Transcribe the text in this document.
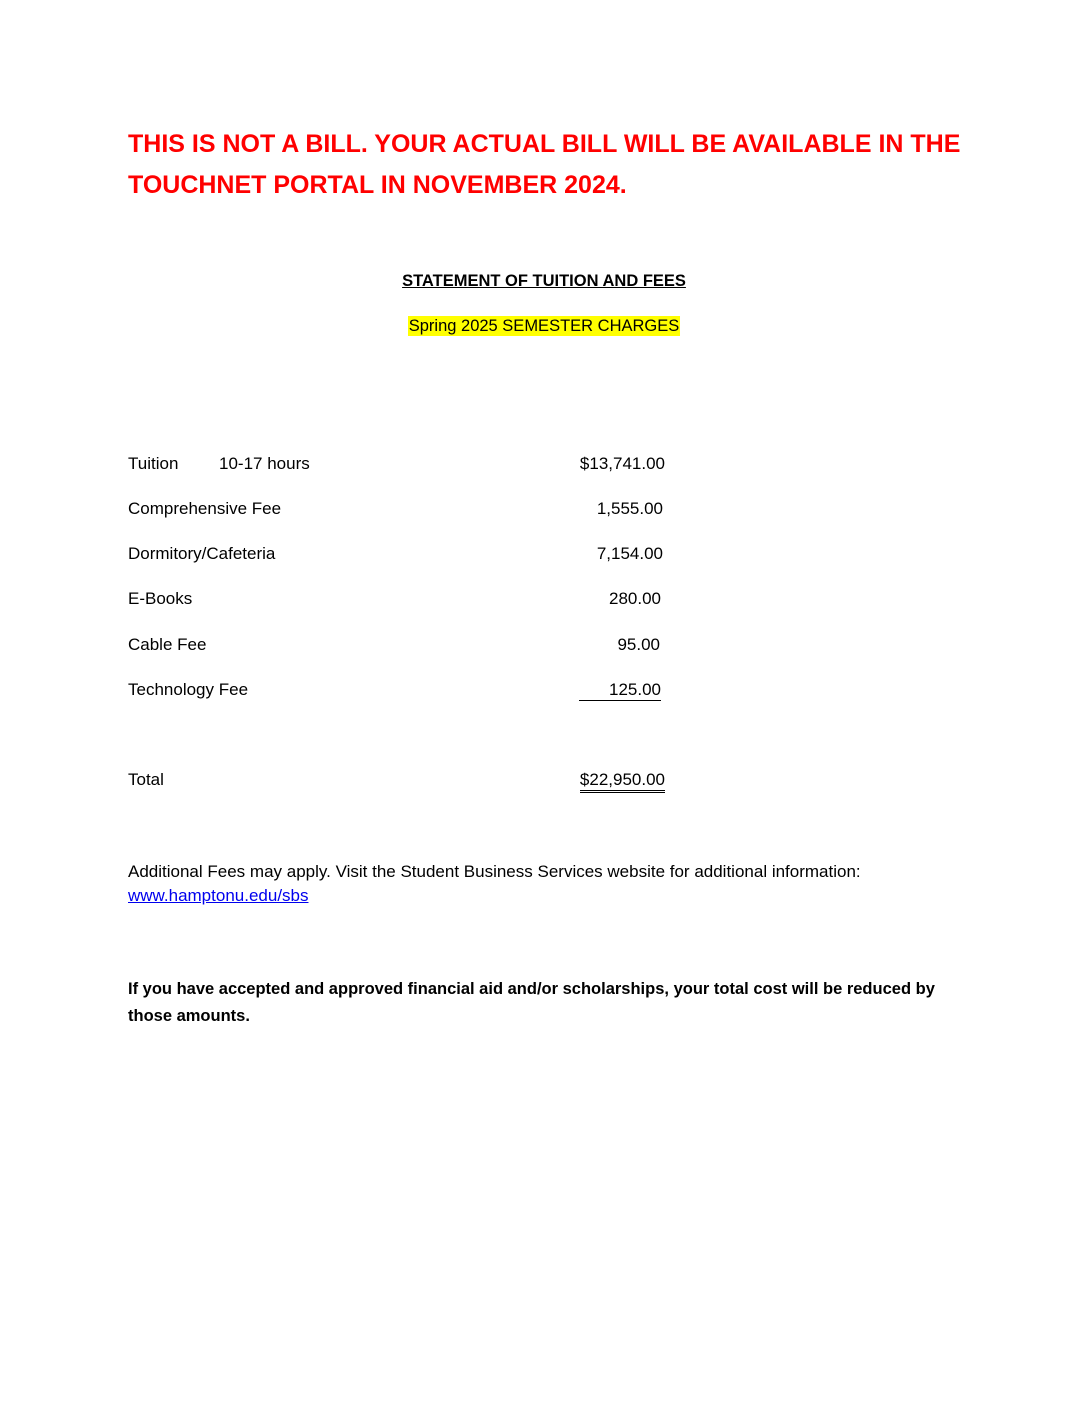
THIS IS NOT A BILL. YOUR ACTUAL BILL WILL BE AVAILABLE IN THE
TOUCHNET PORTAL IN NOVEMBER 2024.
STATEMENT OF TUITION AND FEES
Spring 2025 SEMESTER CHARGES
Tuition 10-17 hours	$13,741.00
Comprehensive Fee	1,555.00
Dormitory/Cafeteria	7,154.00
E-Books	280.00
Cable Fee	95.00
Technology Fee	125.00
Total	$22,950.00
Additional Fees may apply. Visit the Student Business Services website for additional information:
www.hamptonu.edu/sbs
If you have accepted and approved financial aid and/or scholarships, your total cost will be reduced by those amounts.
